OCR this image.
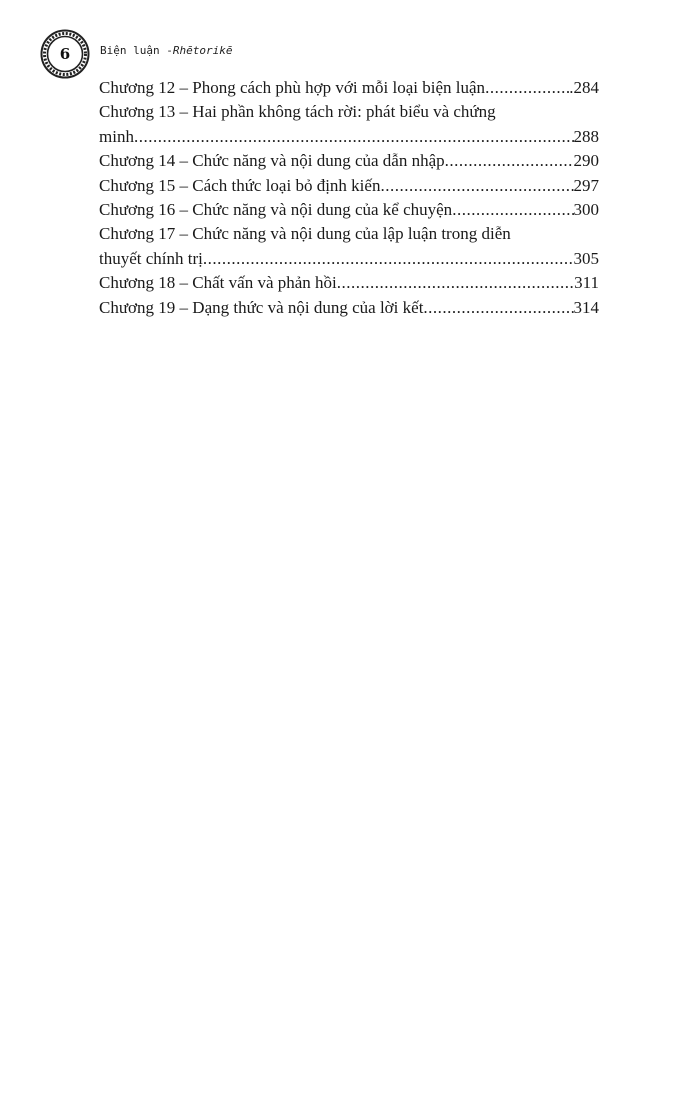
6	Biện luận -Rhētorikē
Chương 12 – Phong cách phù hợp với mỗi loại biện luận .....	.284
Chương 13 – Hai phần không tách rời: phát biểu và chứng
minh .....	288
Chương 14 – Chức năng và nội dung của dẫn nhập .....	290
Chương 15 – Cách thức loại bỏ định kiến .....	297
Chương 16 – Chức năng và nội dung của kể chuyện .....	300
Chương 17 – Chức năng và nội dung của lập luận trong diễn
thuyết chính trị .....	305
Chương 18 – Chất vấn và phản hồi .....	311
Chương 19 – Dạng thức và nội dung của lời kết .....	314
